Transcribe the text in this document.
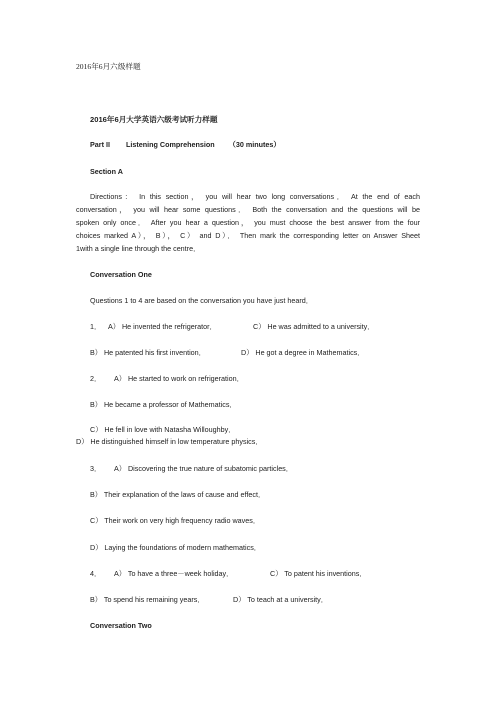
2016年6月六级样题
2016年6月大学英语六级考试听力样题
Part II Listening Comprehension （30 minutes）
Section A
Directions： In this section， you will hear two long conversations． At the end of each
conversation， you will hear some questions． Both the conversation and the questions will be
spoken only once． After you hear a question， you must choose the best answer from the four
choices marked A）， B）， C） and D）． Then mark the corresponding letter on Answer Sheet
1with a single line through the centre．
Conversation One
Questions 1 to 4 are based on the conversation you have just heard．
1． A） He invented the refrigerator．	C） He was admitted to a university．
B） He patented his first invention．	D） He got a degree in Mathematics．
2． A） He started to work on refrigeration．
B） He became a professor of Mathematics．
C） He fell in love with Natasha Willoughby．
D） He distinguished himself in low temperature physics．
3． A） Discovering the true nature of subatomic particles．
B） Their explanation of the laws of cause and effect．
C） Their work on very high frequency radio waves．
D） Laying the foundations of modern mathematics．
4． A） To have a three－week holiday．	C） To patent his inventions．
B） To spend his remaining years．	D） To teach at a university．
Conversation Two
